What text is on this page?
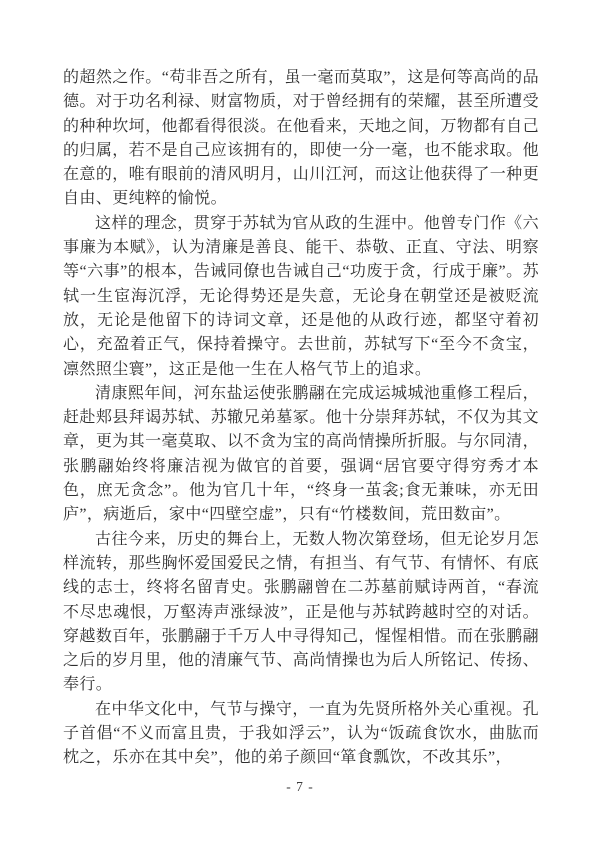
的超然之作。“苟非吾之所有，虽一毫而莫取”，这是何等高尚的品德。对于功名利禄、财富物质，对于曾经拥有的荣耀，甚至所遭受的种种坎坷，他都看得很淡。在他看来，天地之间，万物都有自己的归属，若不是自己应该拥有的，即使一分一毫，也不能求取。他在意的，唯有眼前的清风明月，山川江河，而这让他获得了一种更自由、更纯粹的愉悦。

这样的理念，贯穿于苏轼为官从政的生涯中。他曾专门作《六事廉为本赋》，认为清廉是善良、能干、恭敬、正直、守法、明察等“六事”的根本，告诫同僚也告诫自己“功废于贪，行成于廉”。苏轼一生宦海沉浮，无论得势还是失意，无论身在朝堂还是被贬流放，无论是他留下的诗词文章，还是他的从政行迹，都坚守着初心，充盈着正气，保持着操守。去世前，苏轼写下“至今不贪宝，凛然照尘寰”，这正是他一生在人格气节上的追求。

清康熙年间，河东盐运使张鹏翮在完成运城城池重修工程后，赶赴郏县拜谒苏轼、苏辙兄弟墓冢。他十分崇拜苏轼，不仅为其文章，更为其一毫莫取、以不贪为宝的高尚情操所折服。与尔同清，张鹏翮始终将廉洁视为做官的首要，强调“居官要守得穷秀才本色，庶无贪念”。他为官几十年，“终身一茧衾;食无兼味，亦无田庐”，病逝后，家中“四壁空虚”，只有“竹楼数间，荒田数亩”。

古往今来，历史的舞台上，无数人物次第登场，但无论岁月怎样流转，那些胸怀爱国爱民之情，有担当、有气节、有情怀、有底线的志士，终将名留青史。张鹏翮曾在二苏墓前赋诗两首，“春流不尽忠魂恨，万壑涛声涨绿波”，正是他与苏轼跨越时空的对话。穿越数百年，张鹏翮于千万人中寻得知己，惺惺相惜。而在张鹏翮之后的岁月里，他的清廉气节、高尚情操也为后人所铭记、传扬、奉行。

在中华文化中，气节与操守，一直为先贤所格外关心重视。孔子首倡“不义而富且贵，于我如浮云”，认为“饭疏食饮水，曲肱而枕之，乐亦在其中矣”，他的弟子颜回“箪食瓢饮，不改其乐”，

- 7 -
